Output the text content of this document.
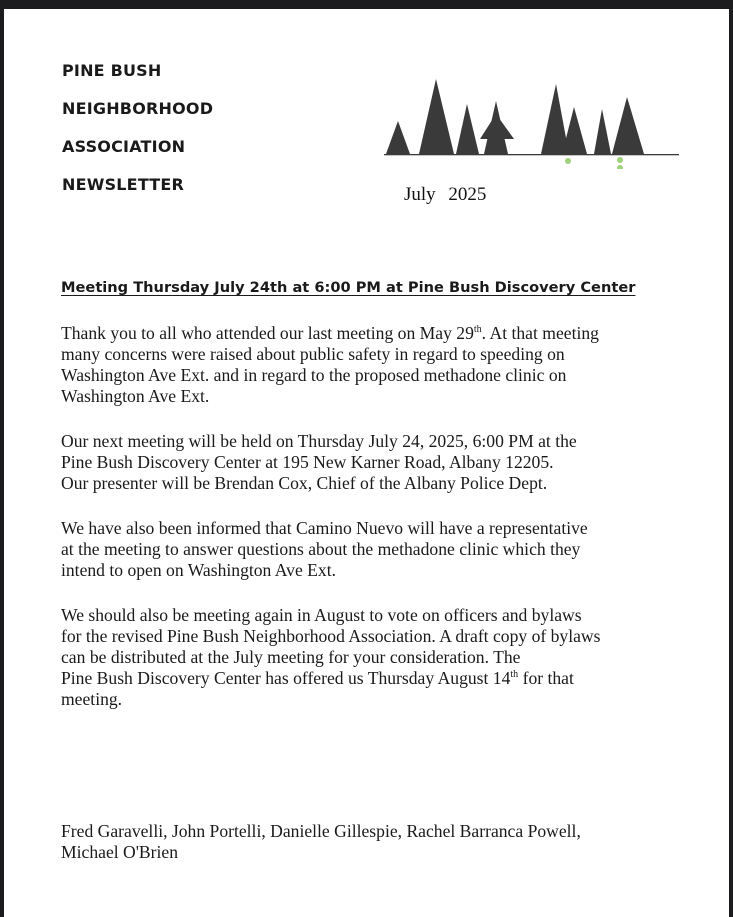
PINE BUSH
NEIGHBORHOOD
ASSOCIATION
NEWSLETTER	July 2025
Meeting Thursday July 24th at 6:00 PM at Pine Bush Discovery Center
Thank you to all who attended our last meeting on May 29th. At that meeting
many concerns were raised about public safety in regard to speeding on
Washington Ave Ext. and in regard to the proposed methadone clinic on
Washington Ave Ext.
Our next meeting will be held on Thursday July 24, 2025, 6:00 PM at the
Pine Bush Discovery Center at 195 New Karner Road, Albany 12205.
Our presenter will be Brendan Cox, Chief of the Albany Police Dept.
We have also been informed that Camino Nuevo will have a representative
at the meeting to answer questions about the methadone clinic which they
intend to open on Washington Ave Ext.
We should also be meeting again in August to vote on officers and bylaws
for the revised Pine Bush Neighborhood Association. A draft copy of bylaws
can be distributed at the July meeting for your consideration. The
Pine Bush Discovery Center has offered us Thursday August 14th for that
meeting.
Fred Garavelli, John Portelli, Danielle Gillespie, Rachel Barranca Powell,
Michael O'Brien
